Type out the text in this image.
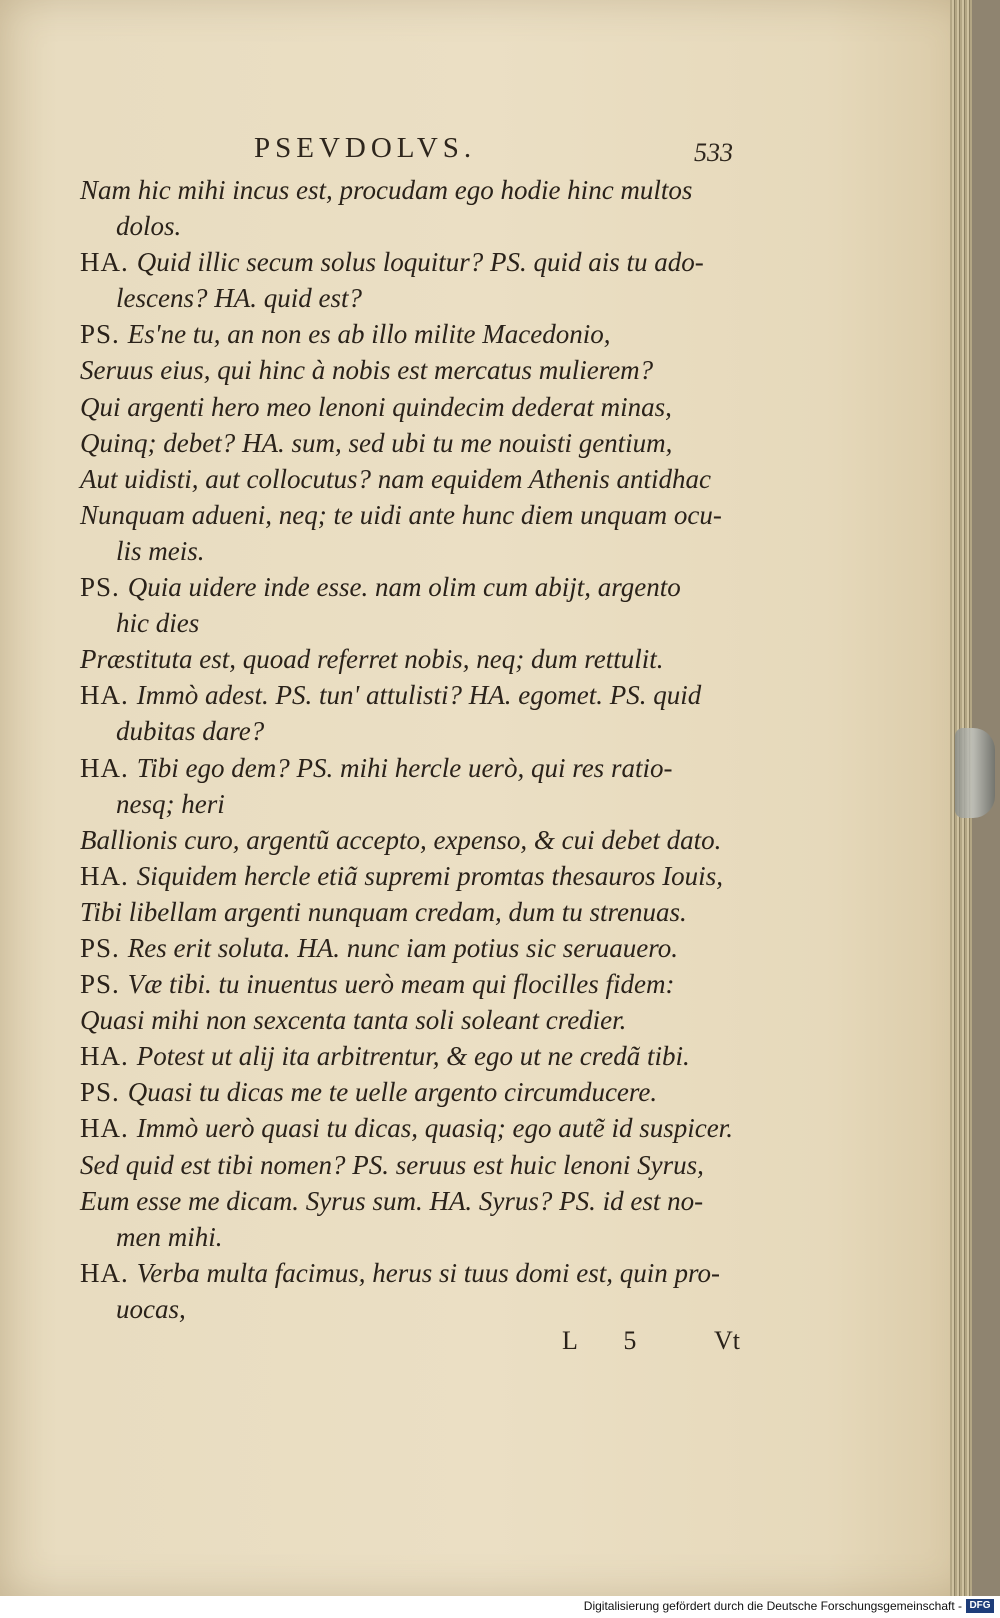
PSEVDOLVS.	533
Nam hic mihi incus est, procudam ego hodie hinc multos
dolos.
HA. Quid illic secum solus loquitur? PS. quid ais tu ado-
lescens? HA. quid est?
PS. Es'ne tu, an non es ab illo milite Macedonio,
Seruus eius, qui hinc à nobis est mercatus mulierem?
Qui argenti hero meo lenoni quindecim dederat minas,
Quinq; debet? HA. sum, sed ubi tu me nouisti gentium,
Aut uidisti, aut collocutus? nam equidem Athenis antidhac
Nunquam adueni, neq; te uidi ante hunc diem unquam ocu-
lis meis.
PS. Quia uidere inde esse. nam olim cum abijt, argento
hic dies
Præstituta est, quoad referret nobis, neq; dum rettulit.
HA. Immò adest. PS. tun' attulisti? HA. egomet. PS. quid
dubitas dare?
HA. Tibi ego dem? PS. mihi hercle uerò, qui res ratio-
nesq; heri
Ballionis curo, argentũ accepto, expenso, & cui debet dato.
HA. Siquidem hercle etiã supremi promtas thesauros Iouis,
Tibi libellam argenti nunquam credam, dum tu strenuas.
PS. Res erit soluta. HA. nunc iam potius sic seruauero.
PS. Væ tibi. tu inuentus uerò meam qui flocilles fidem:
Quasi mihi non sexcenta tanta soli soleant credier.
HA. Potest ut alij ita arbitrentur, & ego ut ne credã tibi.
PS. Quasi tu dicas me te uelle argento circumducere.
HA. Immò uerò quasi tu dicas, quasiq; ego autẽ id suspicer.
Sed quid est tibi nomen? PS. seruus est huic lenoni Syrus,
Eum esse me dicam. Syrus sum. HA. Syrus? PS. id est no-
men mihi.
HA. Verba multa facimus, herus si tuus domi est, quin pro-
uocas,
L 5 Vt
Digitalisierung gefördert durch die Deutsche Forschungsgemeinschaft - DFG
